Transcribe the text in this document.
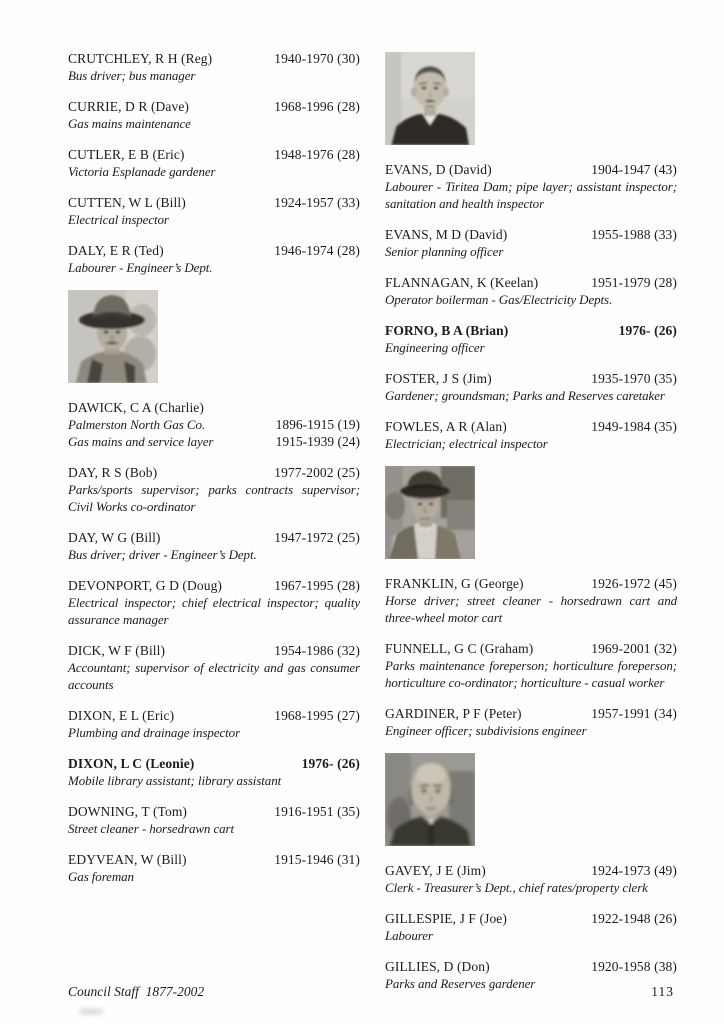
CRUTCHLEY, R H (Reg)	1940-1970 (30)
Bus driver; bus manager
CURRIE, D R (Dave)	1968-1996 (28)
Gas mains maintenance
CUTLER, E B (Eric)	1948-1976 (28)
Victoria Esplanade gardener
CUTTEN, W L (Bill)	1924-1957 (33)
Electrical inspector
DALY, E R (Ted)	1946-1974 (28)
Labourer - Engineer’s Dept.
DAWICK, C A (Charlie)
Palmerston North Gas Co.	1896-1915 (19)
Gas mains and service layer	1915-1939 (24)
DAY, R S (Bob)	1977-2002 (25)
Parks/sports supervisor; parks contracts supervisor; Civil Works co-ordinator
DAY, W G (Bill)	1947-1972 (25)
Bus driver; driver - Engineer’s Dept.
DEVONPORT, G D (Doug)	1967-1995 (28)
Electrical inspector; chief electrical inspector; quality assurance manager
DICK, W F (Bill)	1954-1986 (32)
Accountant; supervisor of electricity and gas consumer accounts
DIXON, E L (Eric)	1968-1995 (27)
Plumbing and drainage inspector
DIXON, L C (Leonie)	1976- (26)
Mobile library assistant; library assistant
DOWNING, T (Tom)	1916-1951 (35)
Street cleaner - horsedrawn cart
EDYVEAN, W (Bill)	1915-1946 (31)
Gas foreman
EVANS, D (David)	1904-1947 (43)
Labourer - Tiritea Dam; pipe layer; assistant inspector; sanitation and health inspector
EVANS, M D (David)	1955-1988 (33)
Senior planning officer
FLANNAGAN, K (Keelan)	1951-1979 (28)
Operator boilerman - Gas/Electricity Depts.
FORNO, B A (Brian)	1976- (26)
Engineering officer
FOSTER, J S (Jim)	1935-1970 (35)
Gardener; groundsman; Parks and Reserves caretaker
FOWLES, A R (Alan)	1949-1984 (35)
Electrician; electrical inspector
FRANKLIN, G (George)	1926-1972 (45)
Horse driver; street cleaner - horsedrawn cart and three-wheel motor cart
FUNNELL, G C (Graham)	1969-2001 (32)
Parks maintenance foreperson; horticulture foreperson; horticulture co-ordinator; horticulture - casual worker
GARDINER, P F (Peter)	1957-1991 (34)
Engineer officer; subdivisions engineer
GAVEY, J E (Jim)	1924-1973 (49)
Clerk - Treasurer’s Dept., chief rates/property clerk
GILLESPIE, J F (Joe)	1922-1948 (26)
Labourer
GILLIES, D (Don)	1920-1958 (38)
Parks and Reserves gardener
Council Staff  1877-2002	113
